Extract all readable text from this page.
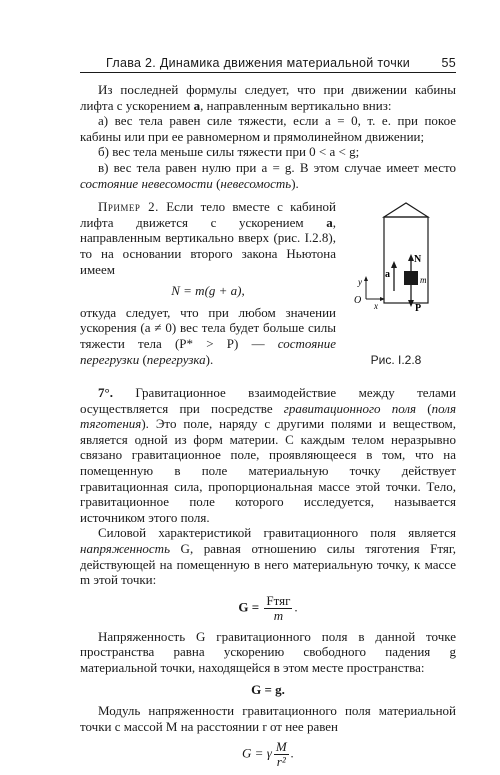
Глава 2. Динамика движения материальной точки	55

Из последней формулы следует, что при движении кабины лифта с ускорением a, направленным вертикально вниз:

а) вес тела равен силе тяжести, если a = 0, т. е. при покое кабины или при ее равномерном и прямолинейном движении;

б) вес тела меньше силы тяжести при 0 < a < g;

в) вес тела равен нулю при a = g. В этом случае имеет место состояние невесомости (невесомость).

Пример 2. Если тело вместе с кабиной лифта движется с ускорением a, направленным вертикально вверх (рис. I.2.8), то на основании второго закона Ньютона имеем

N = m(g + a),

откуда следует, что при любом значении ускорения (a ≠ 0) вес тела будет больше силы тяжести тела (P* > P) — состояние перегрузки (перегрузка).

a
N
m
P
y
x
O
Рис. I.2.8

7°. Гравитационное взаимодействие между телами осуществляется при посредстве гравитационного поля (поля тяготения). Это поле, наряду с другими полями и веществом, является одной из форм материи. С каждым телом неразрывно связано гравитационное поле, проявляющееся в том, что на помещенную в поле материальную точку действует гравитационная сила, пропорциональная массе этой точки. Тело, гравитационное поле которого исследуется, называется источником этого поля.

Силовой характеристикой гравитационного поля является напряженность G, равная отношению силы тяготения Fтяг, действующей на помещенную в него материальную точку, к массе m этой точки:

$G = \frac{\text{Fтяг}}{m}$ .

Напряженность G гравитационного поля в данной точке пространства равна ускорению свободного падения g материальной точки, находящейся в этом месте пространства:

G = g.

Модуль напряженности гравитационного поля материальной точки с массой M на расстоянии r от нее равен

G = γ $\frac{M}{\text{r²}}$ .
